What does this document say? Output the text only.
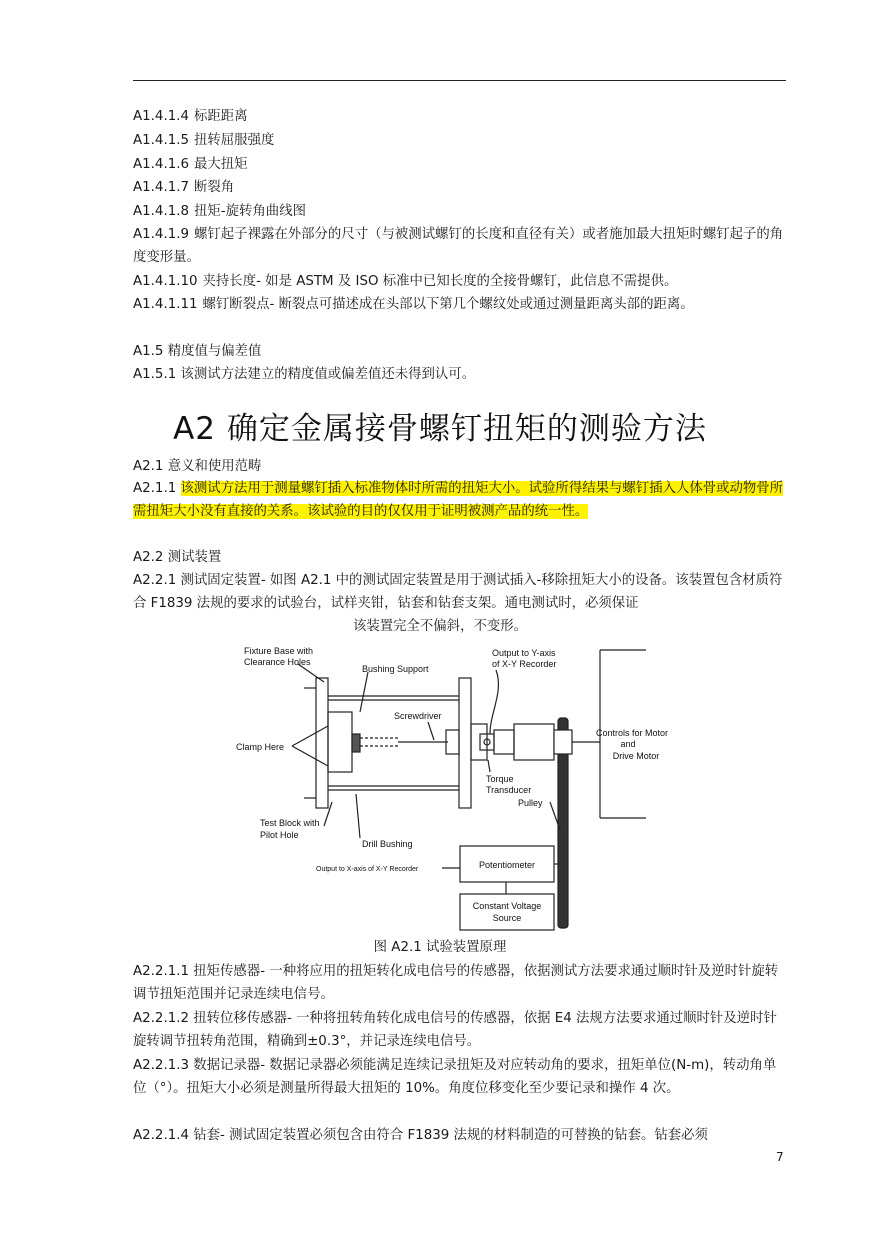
A1.4.1.4 标距距离

A1.4.1.5 扭转屈服强度

A1.4.1.6 最大扭矩

A1.4.1.7 断裂角

A1.4.1.8 扭矩-旋转角曲线图

A1.4.1.9 螺钉起子裸露在外部分的尺寸（与被测试螺钉的长度和直径有关）或者施加最大扭矩时螺钉起子的角度变形量。

A1.4.1.10 夹持长度- 如是 ASTM 及 ISO 标准中已知长度的全接骨螺钉，此信息不需提供。

A1.4.1.11 螺钉断裂点- 断裂点可描述成在头部以下第几个螺纹处或通过测量距离头部的距离。

A1.5 精度值与偏差值

A1.5.1 该测试方法建立的精度值或偏差值还未得到认可。

A2 确定金属接骨螺钉扭矩的测验方法

A2.1 意义和使用范畴

A2.1.1 该测试方法用于测量螺钉插入标准物体时所需的扭矩大小。试验所得结果与螺钉插入人体骨或动物骨所需扭矩大小没有直接的关系。该试验的目的仅仅用于证明被测产品的统一性。

A2.2 测试装置

A2.2.1 测试固定装置- 如图 A2.1 中的测试固定装置是用于测试插入-移除扭矩大小的设备。该装置包含材质符合 F1839 法规的要求的试验台，试样夹钳，钻套和钻套支架。通电测试时，必须保证

该装置完全不偏斜，不变形。

Fixture Base with
Clearance Holes
Bushing Support
Output to Y-axis
of X-Y Recorder
Screwdriver
Controls for Motor
and
Drive Motor
Clamp Here
Torque
Transducer
Pulley
Test Block with
Pilot Hole
Drill Bushing
Output to X-axis of X-Y Recorder	Potentiometer
Constant Voltage
Source
图 A2.1 试验装置原理

A2.2.1.1 扭矩传感器- 一种将应用的扭矩转化成电信号的传感器，依据测试方法要求通过顺时针及逆时针旋转调节扭矩范围并记录连续电信号。

A2.2.1.2 扭转位移传感器- 一种将扭转角转化成电信号的传感器，依据 E4 法规方法要求通过顺时针及逆时针旋转调节扭转角范围，精确到±0.3°，并记录连续电信号。

A2.2.1.3 数据记录器- 数据记录器必须能满足连续记录扭矩及对应转动角的要求，扭矩单位(N-m)，转动角单位（°）。扭矩大小必须是测量所得最大扭矩的 10%。角度位移变化至少要记录和操作 4 次。

A2.2.1.4 钻套- 测试固定装置必须包含由符合 F1839 法规的材料制造的可替换的钻套。钻套必须

7
